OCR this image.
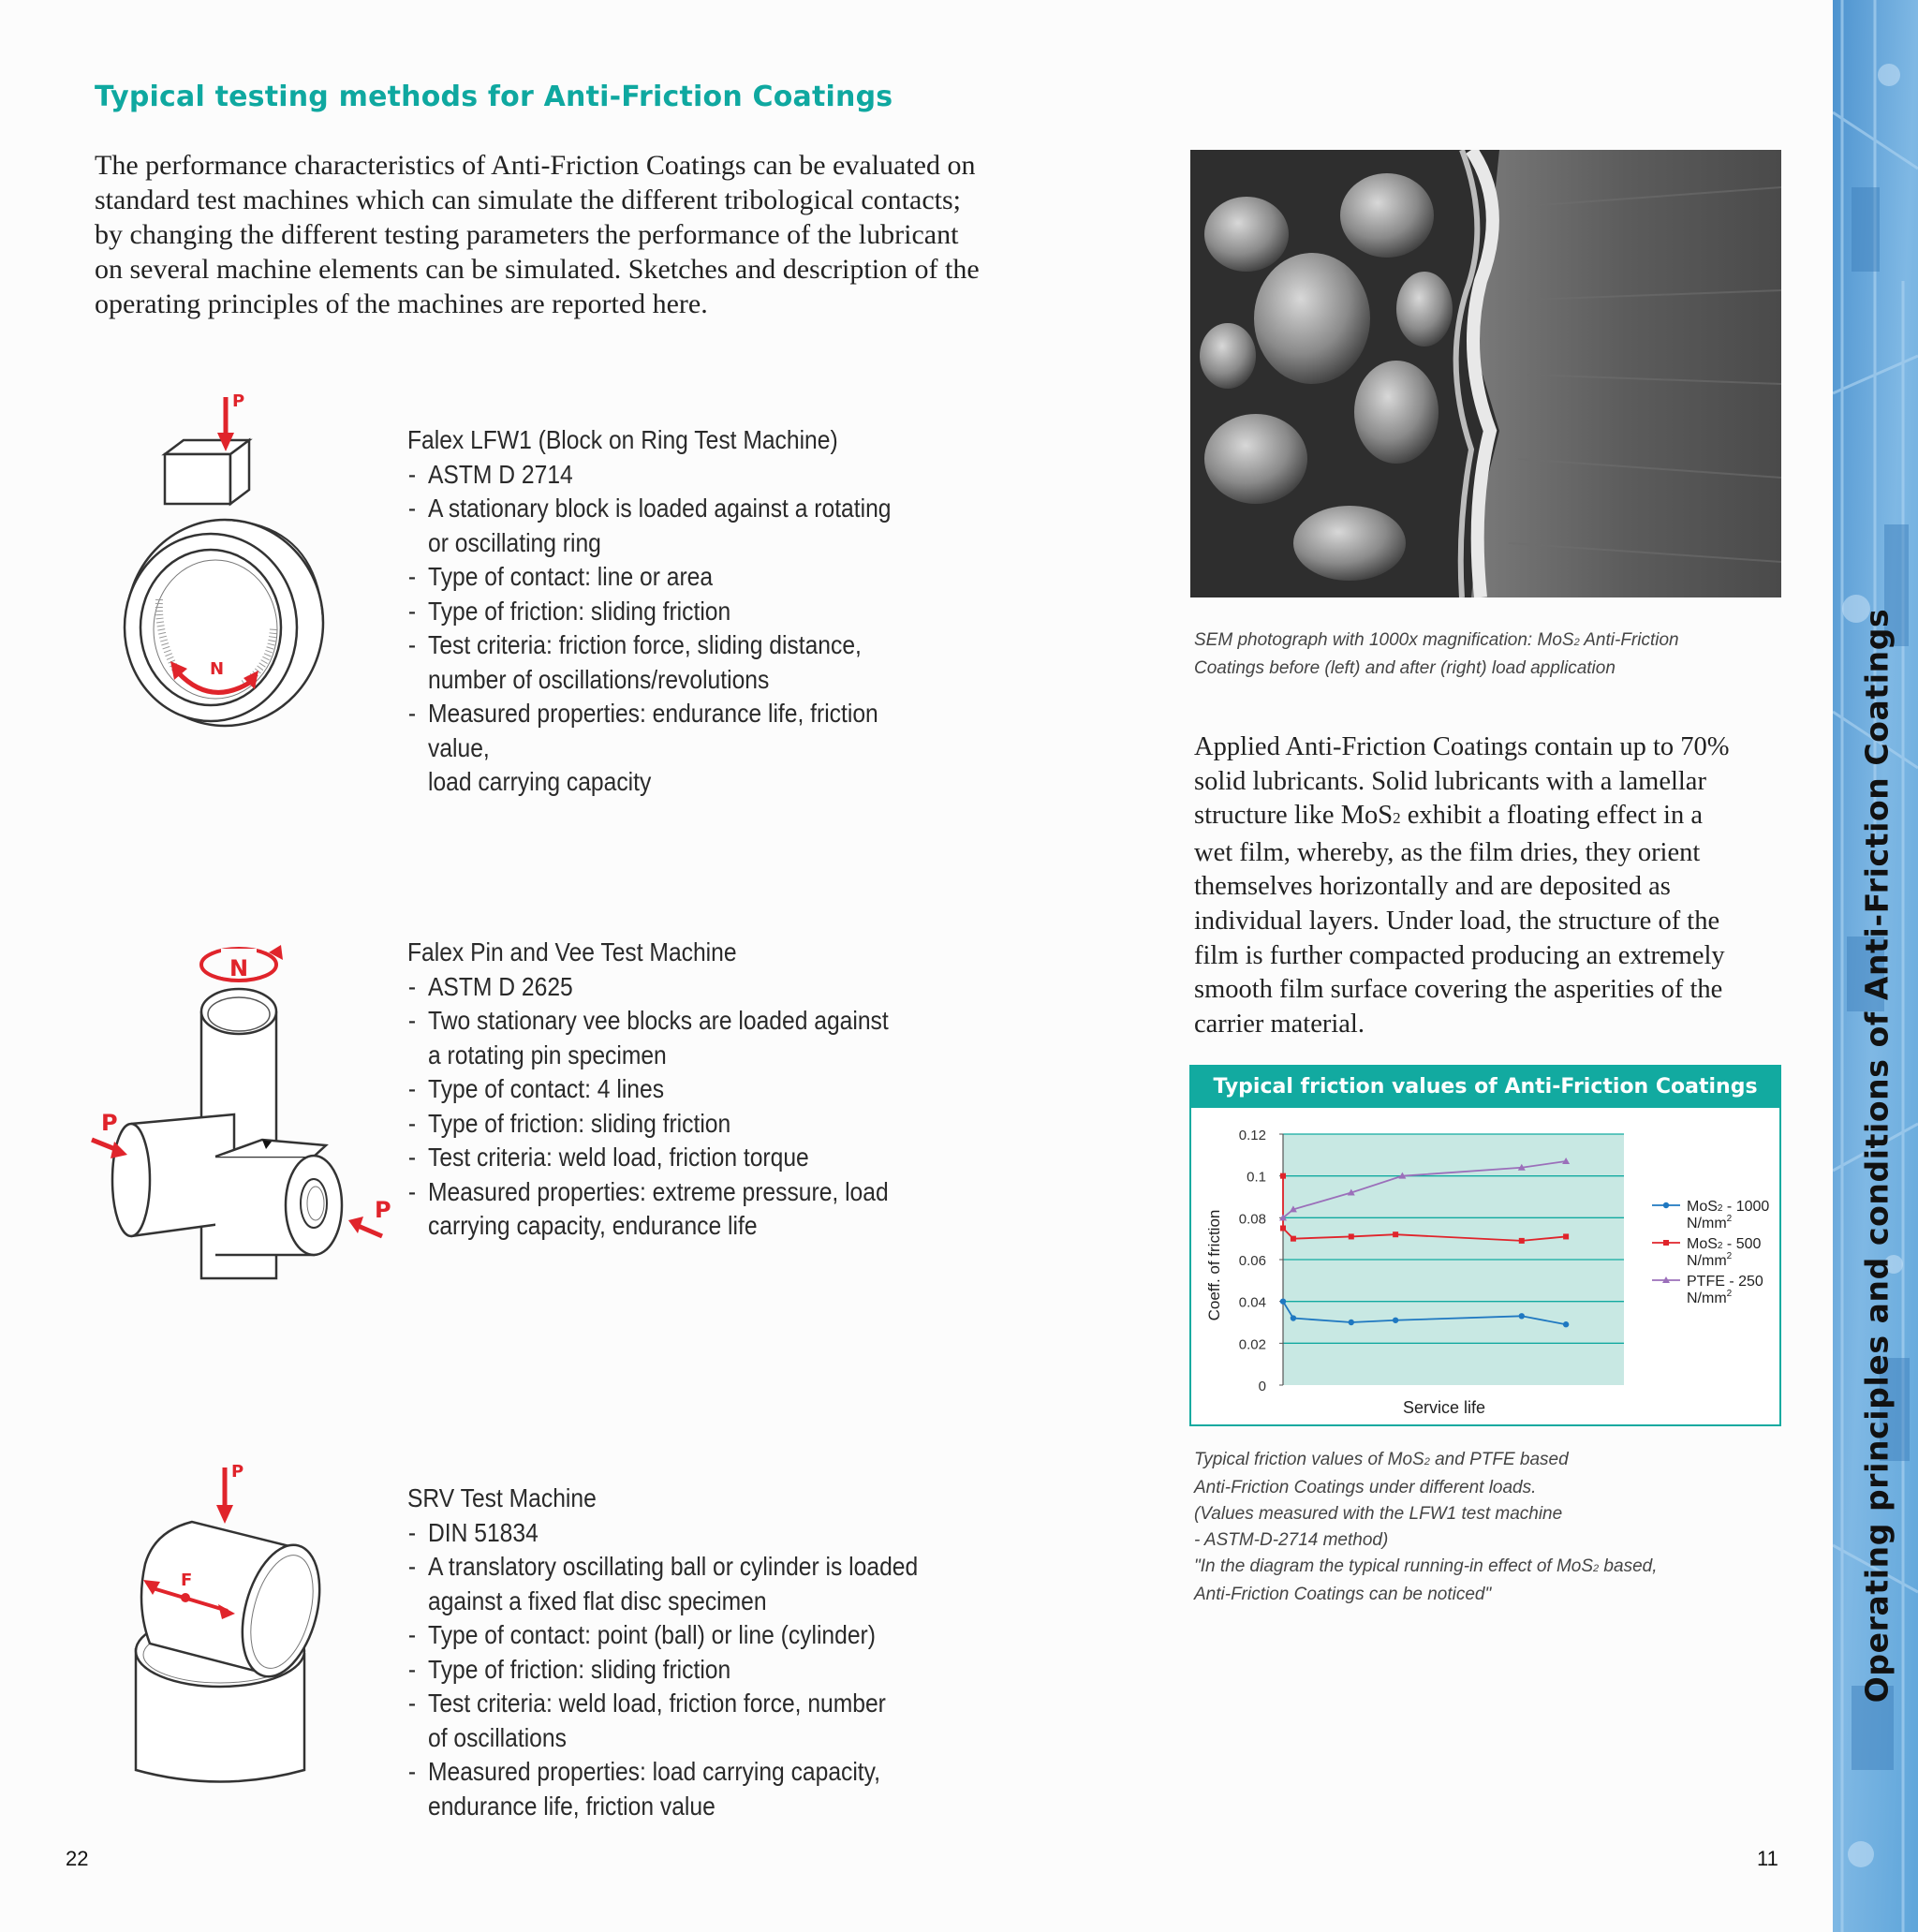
Typical testing methods for Anti-Friction Coatings

The performance characteristics of Anti-Friction Coatings can be evaluated on

standard test machines which can simulate the different tribological contacts;

by changing the different testing parameters the performance of the lubricant

on several machine elements can be simulated. Sketches and description of the

operating principles of the machines are reported here.

P
N

Falex LFW1 (Block on Ring Test Machine)

- ASTM D 2714
- A stationary block is loaded against a rotating
or oscillating ring
- Type of contact: line or area
- Type of friction: sliding friction
- Test criteria: friction force, sliding distance,
number of oscillations/revolutions
- Measured properties: endurance life, friction value,
load carrying capacity
N
P
P

Falex Pin and Vee Test Machine

- ASTM D 2625
- Two stationary vee blocks are loaded against
a rotating pin specimen
- Type of contact: 4 lines
- Type of friction: sliding friction
- Test criteria: weld load, friction torque
- Measured properties: extreme pressure, load
carrying capacity, endurance life
P
F

SRV Test Machine

- DIN 51834
- A translatory oscillating ball or cylinder is loaded
against a fixed flat disc specimen
- Type of contact: point (ball) or line (cylinder)
- Type of friction: sliding friction
- Test criteria: weld load, friction force, number
of oscillations
- Measured properties: load carrying capacity,
endurance life, friction value
SEM photograph with 1000x magnification: MoS2 Anti-Friction
Coatings before (left) and after (right) load application
Applied Anti-Friction Coatings contain up to 70%
solid lubricants. Solid lubricants with a lamellar
structure like MoS2 exhibit a floating effect in a
wet film, whereby, as the film dries, they orient
themselves horizontally and are deposited as
individual layers. Under load, the structure of the
film is further compacted producing an extremely
smooth film surface covering the asperities of the
carrier material.
0.12
0.1
0.08
0.06
0.04
0.02
0
Coeff. of friction
Service life
MoS2 - 1000
$N/mm^2$
MoS2 - 500
$N/mm^2$
PTFE - 250
$N/mm^2$
Typical friction values of Anti-Friction Coatings

Typical friction values of MoS2 and PTFE based

Anti-Friction Coatings under different loads.

(Values measured with the LFW1 test machine

- ASTM-D-2714 method)

"In the diagram the typical running-in effect of MoS2 based,

Anti-Friction Coatings can be noticed"	Operating principles and conditions of Anti-Friction Coatings
22	11
